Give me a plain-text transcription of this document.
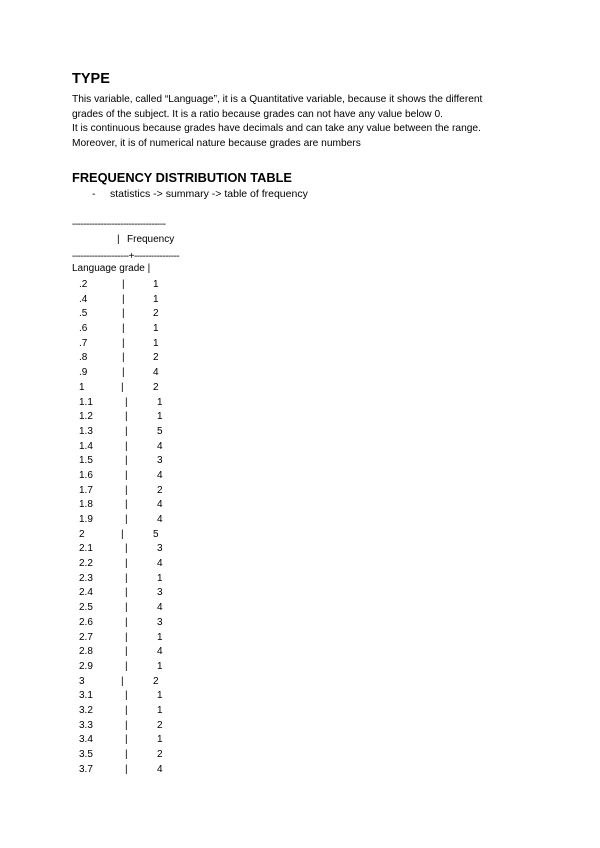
TYPE
This variable, called “Language”, it is a Quantitative variable, because it shows the different
grades of the subject. It is a ratio because grades can not have any value below 0.
It is continuous because grades have decimals and can take any value between the range.
Moreover, it is of numerical nature because grades are numbers
FREQUENCY DISTRIBUTION TABLE
- statistics -> summary -> table of frequency
---------------------------------
| Frequency
--------------------+----------------
Language grade |
.2	|	1
.4	|	1
.5	|	2
.6	|	1
.7	|	1
.8	|	2
.9	|	4
1	|	2
1.1	|	1
1.2	|	1
1.3	|	5
1.4	|	4
1.5	|	3
1.6	|	4
1.7	|	2
1.8	|	4
1.9	|	4
2	|	5
2.1	|	3
2.2	|	4
2.3	|	1
2.4	|	3
2.5	|	4
2.6	|	3
2.7	|	1
2.8	|	4
2.9	|	1
3	|	2
3.1	|	1
3.2	|	1
3.3	|	2
3.4	|	1
3.5	|	2
3.7	|	4
